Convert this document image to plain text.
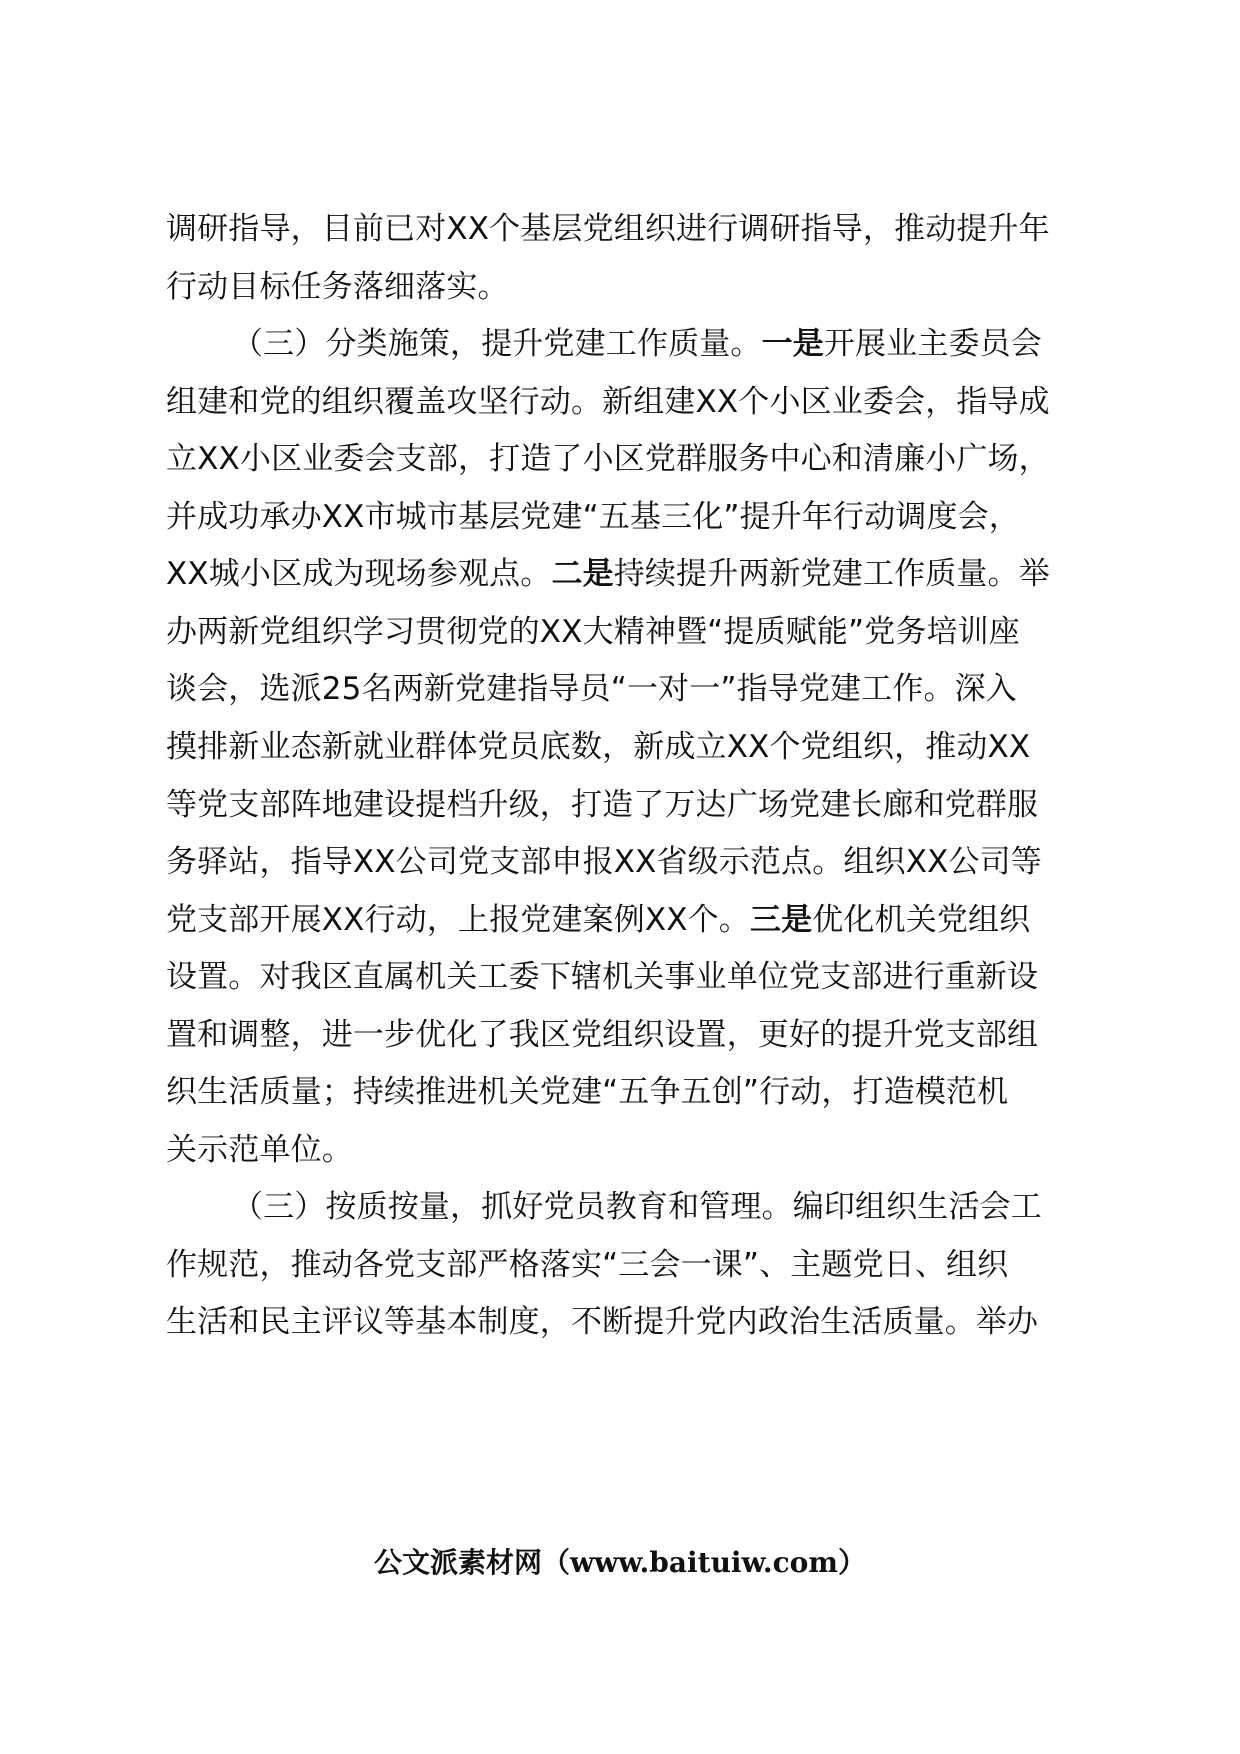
调研指导，目前已对XX个基层党组织进行调研指导，推动提升年
行动目标任务落细落实。
（三）分类施策，提升党建工作质量。一是开展业主委员会
组建和党的组织覆盖攻坚行动。新组建XX个小区业委会，指导成
立XX小区业委会支部，打造了小区党群服务中心和清廉小广场，
并成功承办XX市城市基层党建“五基三化”提升年行动调度会，
XX城小区成为现场参观点。二是持续提升两新党建工作质量。举
办两新党组织学习贯彻党的XX大精神暨“提质赋能”党务培训座
谈会，选派25名两新党建指导员“一对一”指导党建工作。深入
摸排新业态新就业群体党员底数，新成立XX个党组织，推动XX
等党支部阵地建设提档升级，打造了万达广场党建长廊和党群服
务驿站，指导XX公司党支部申报XX省级示范点。组织XX公司等
党支部开展XX行动，上报党建案例XX个。三是优化机关党组织
设置。对我区直属机关工委下辖机关事业单位党支部进行重新设
置和调整，进一步优化了我区党组织设置，更好的提升党支部组
织生活质量；持续推进机关党建“五争五创”行动，打造模范机
关示范单位。
（三）按质按量，抓好党员教育和管理。编印组织生活会工
作规范，推动各党支部严格落实“三会一课”、主题党日、组织
生活和民主评议等基本制度，不断提升党内政治生活质量。举办
公文派素材网（www.baituiw.com）
